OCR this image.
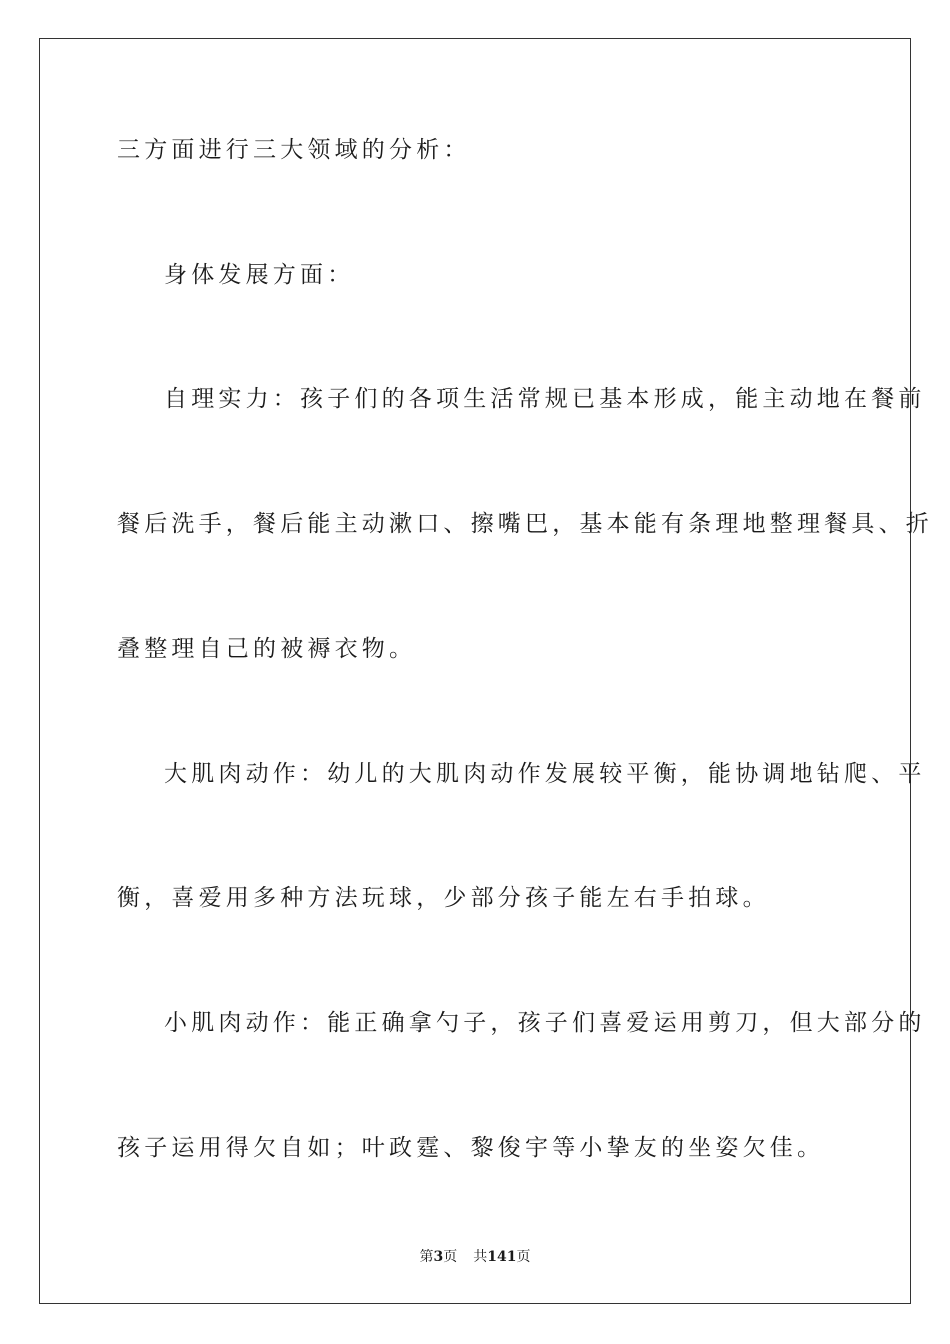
三方面进行三大领域的分析：
身体发展方面：
自理实力：孩子们的各项生活常规已基本形成，能主动地在餐前
餐后洗手，餐后能主动漱口、擦嘴巴，基本能有条理地整理餐具、折
叠整理自己的被褥衣物。
大肌肉动作：幼儿的大肌肉动作发展较平衡，能协调地钻爬、平
衡，喜爱用多种方法玩球，少部分孩子能左右手拍球。
小肌肉动作：能正确拿勺子，孩子们喜爱运用剪刀，但大部分的
孩子运用得欠自如；叶政霆、黎俊宇等小挚友的坐姿欠佳。
第3页 共141页
